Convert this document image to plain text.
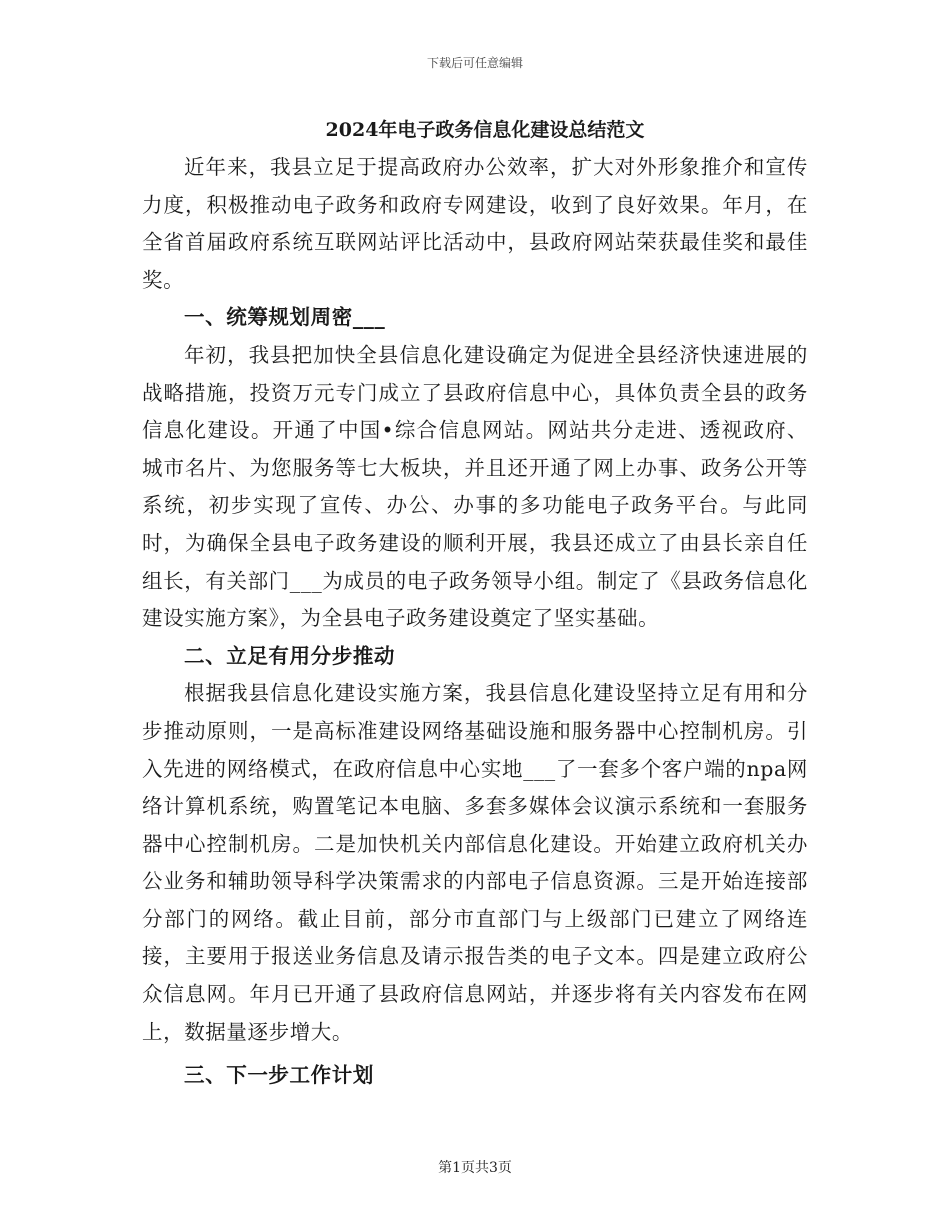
下载后可任意编辑
2024年电子政务信息化建设总结范文

近年来，我县立足于提高政府办公效率，扩大对外形象推介和宣传力度，积极推动电子政务和政府专网建设，收到了良好效果。年月，在全省首届政府系统互联网站评比活动中，县政府网站荣获最佳奖和最佳奖。

一、统筹规划周密___

年初，我县把加快全县信息化建设确定为促进全县经济快速进展的战略措施，投资万元专门成立了县政府信息中心，具体负责全县的政务信息化建设。开通了中国•综合信息网站。网站共分走进、透视政府、城市名片、为您服务等七大板块，并且还开通了网上办事、政务公开等系统，初步实现了宣传、办公、办事的多功能电子政务平台。与此同时，为确保全县电子政务建设的顺利开展，我县还成立了由县长亲自任组长，有关部门___为成员的电子政务领导小组。制定了《县政务信息化建设实施方案》，为全县电子政务建设奠定了坚实基础。

二、立足有用分步推动

根据我县信息化建设实施方案，我县信息化建设坚持立足有用和分步推动原则，一是高标准建设网络基础设施和服务器中心控制机房。引入先进的网络模式，在政府信息中心实地___了一套多个客户端的npa网络计算机系统，购置笔记本电脑、多套多媒体会议演示系统和一套服务器中心控制机房。二是加快机关内部信息化建设。开始建立政府机关办公业务和辅助领导科学决策需求的内部电子信息资源。三是开始连接部分部门的网络。截止目前，部分市直部门与上级部门已建立了网络连接，主要用于报送业务信息及请示报告类的电子文本。四是建立政府公众信息网。年月已开通了县政府信息网站，并逐步将有关内容发布在网上，数据量逐步增大。

三、下一步工作计划

第1页共3页
